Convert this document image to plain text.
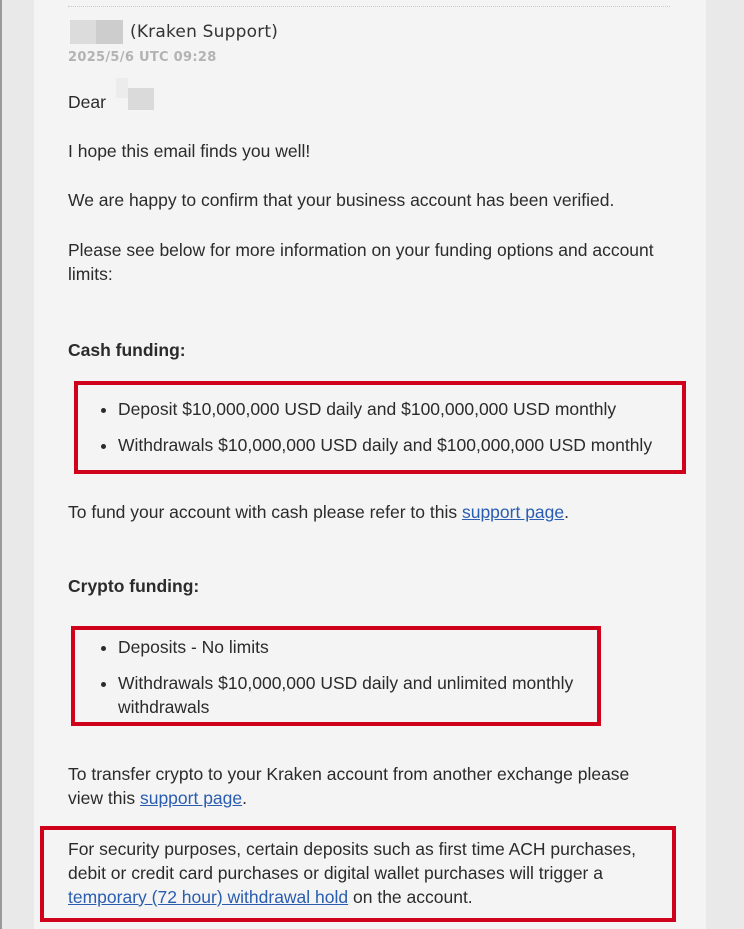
(Kraken Support)
2025/5/6 UTC 09:28

Dear

I hope this email finds you well!

We are happy to confirm that your business account has been verified.

Please see below for more information on your funding options and account limits:

Cash funding:

• Deposit $10,000,000 USD daily and $100,000,000 USD monthly
• Withdrawals $10,000,000 USD daily and $100,000,000 USD monthly

To fund your account with cash please refer to this support page.

Crypto funding:

• Deposits - No limits
• Withdrawals $10,000,000 USD daily and unlimited monthly withdrawals

To transfer crypto to your Kraken account from another exchange please view this support page.

For security purposes, certain deposits such as first time ACH purchases, debit or credit card purchases or digital wallet purchases will trigger a temporary (72 hour) withdrawal hold on the account.
